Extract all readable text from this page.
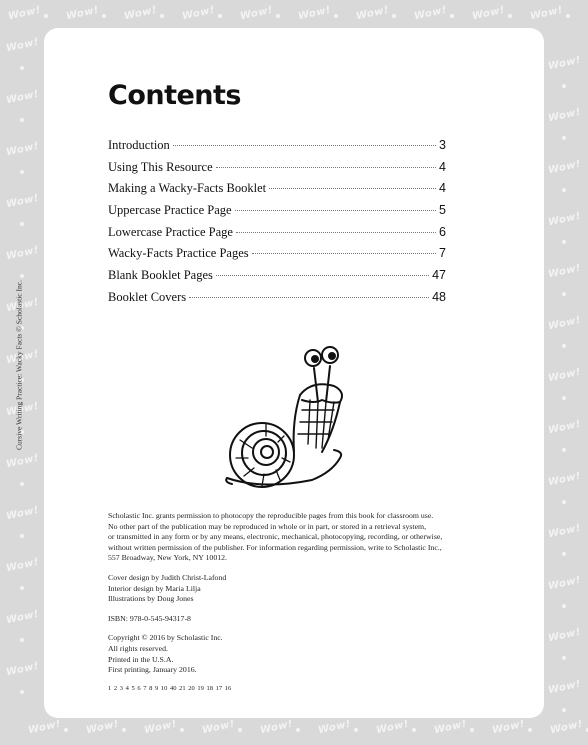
Wow!
Wow!
Wow!
Wow!
Wow!
Wow!
Wow!
Wow!
Wow!
Wow!
Wow!
Wow!
Wow!
Wow!
Wow!
Wow!
Wow!
Wow!
Wow!
Wow!
Wow!
Wow!
Wow!
Wow!
Wow!
Wow!
Wow!
Wow!
Wow!
Wow!
Wow!
Wow!
Wow!
Wow!
Wow!
Wow!
Wow!
Wow!
Wow!
Wow!
Wow!
Wow!
Wow!
Wow!
Wow!
Wow!
Cursive Writing Practice: Wacky Facts © Scholastic Inc.
Contents
Introduction	3
Using This Resource	4
Making a Wacky-Facts Booklet	4
Uppercase Practice Page	5
Lowercase Practice Page	6
Wacky-Facts Practice Pages	7
Blank Booklet Pages	47
Booklet Covers	48

Scholastic Inc. grants permission to photocopy the reproducible pages from this book for classroom use.
No other part of the publication may be reproduced in whole or in part, or stored in a retrieval system,
or transmitted in any form or by any means, electronic, mechanical, photocopying, recording, or otherwise,
without written permission of the publisher. For information regarding permission, write to Scholastic Inc.,
557 Broadway, New York, NY 10012.

Cover design by Judith Christ-Lafond
Interior design by Maria Lilja
Illustrations by Doug Jones

ISBN: 978-0-545-94317-8

Copyright © 2016 by Scholastic Inc.
All rights reserved.
Printed in the U.S.A.
First printing, January 2016.

1 2 3 4 5 6 7 8 9 10 40 21 20 19 18 17 16
